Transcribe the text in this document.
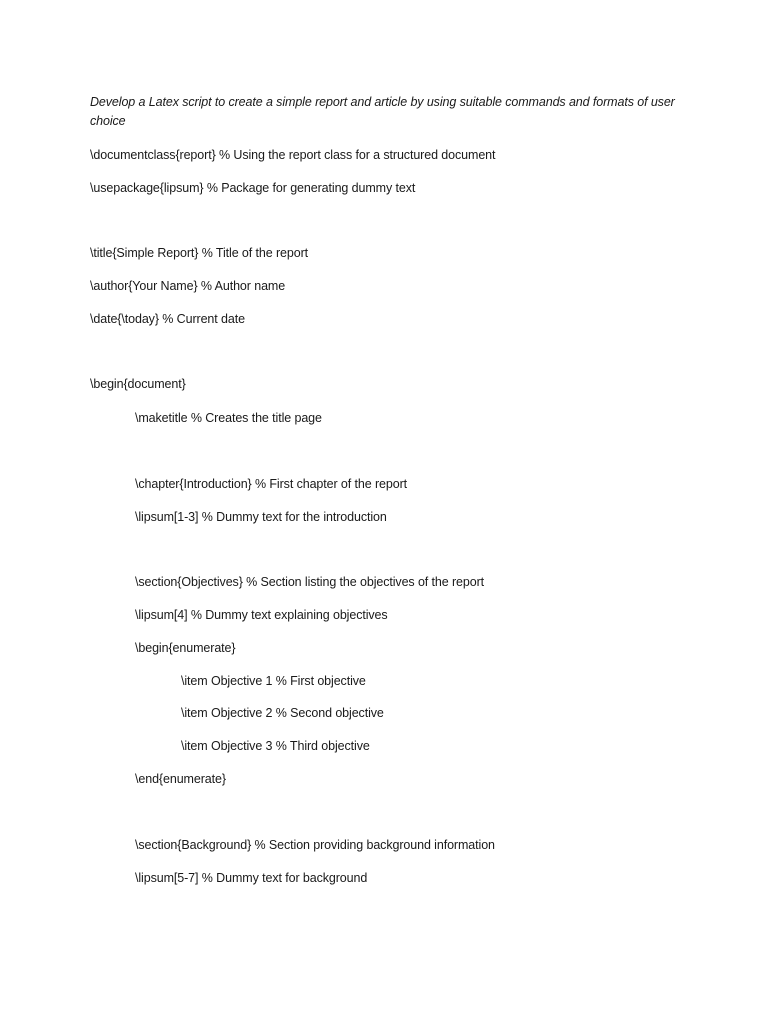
Develop a Latex script to create a simple report and article by using suitable commands and formats of user choice
\documentclass{report} % Using the report class for a structured document
\usepackage{lipsum} % Package for generating dummy text
\title{Simple Report} % Title of the report
\author{Your Name} % Author name
\date{\today} % Current date
\begin{document}
\maketitle % Creates the title page
\chapter{Introduction} % First chapter of the report
\lipsum[1-3] % Dummy text for the introduction
\section{Objectives} % Section listing the objectives of the report
\lipsum[4] % Dummy text explaining objectives
\begin{enumerate}
\item Objective 1 % First objective
\item Objective 2 % Second objective
\item Objective 3 % Third objective
\end{enumerate}
\section{Background} % Section providing background information
\lipsum[5-7] % Dummy text for background
